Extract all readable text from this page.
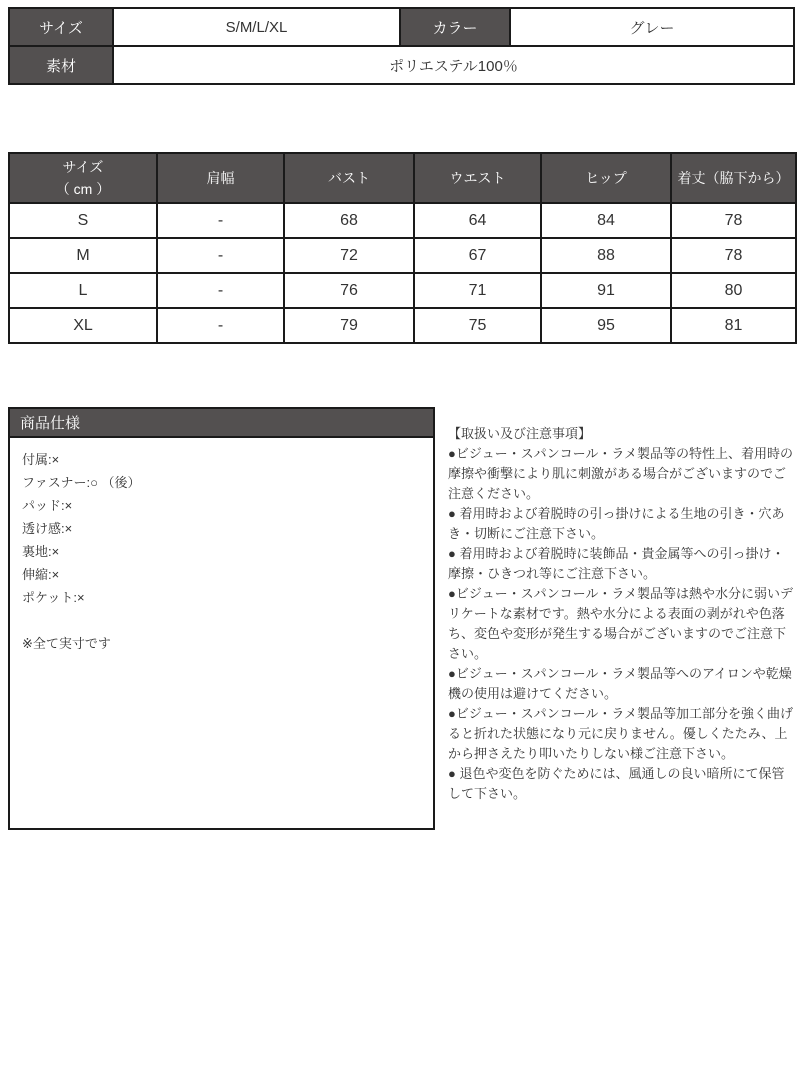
サイズ	S/M/L/XL	カラー	グレー
素材	ポリエステル100％		
サイズ
（ cm ）	肩幅	バスト	ウエスト	ヒップ	着丈（脇下から）
S	-	68	64	84	78
M	-	72	67	88	78
L	-	76	71	91	80
XL	-	79	75	95	81
商品仕様
付属:×
ファスナー:○ （後）
パッド:×
透け感:×
裏地:×
伸縮:×
ポケット:×
※全て実寸です

【取扱い及び注意事項】

●ビジュー・スパンコール・ラメ製品等の特性上、着用時の摩擦や衝撃により肌に刺激がある場合がございますのでご注意ください。

● 着用時および着脱時の引っ掛けによる生地の引き・穴あき・切断にご注意下さい。

● 着用時および着脱時に装飾品・貴金属等への引っ掛け・摩擦・ひきつれ等にご注意下さい。

●ビジュー・スパンコール・ラメ製品等は熱や水分に弱いデリケートな素材です。熱や水分による表面の剥がれや色落ち、変色や変形が発生する場合がございますのでご注意下さい。

●ビジュー・スパンコール・ラメ製品等へのアイロンや乾燥機の使用は避けてください。

●ビジュー・スパンコール・ラメ製品等加工部分を強く曲げると折れた状態になり元に戻りません。優しくたたみ、上から押さえたり叩いたりしない様ご注意下さい。

● 退色や変色を防ぐためには、風通しの良い暗所にて保管して下さい。
